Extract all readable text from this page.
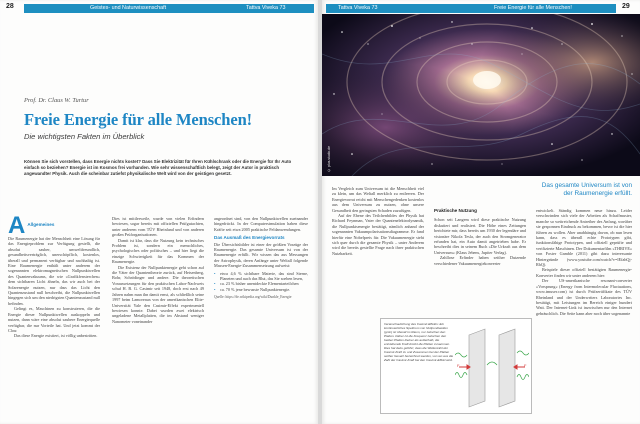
28	Geistes- und Naturwissenschaft	Tattva Viveka 73
Prof. Dr. Claus W. Turtur
Freie Energie für alle Menschen!
Die wichtigsten Fakten im Überblick
Können Sie sich vorstellen, dass Energie nichts kostet? Dass Sie Elektrizität für Ihren Kühlschrank oder die Energie für Ihr Auto einfach so beziehen? Energie ist im Kosmos frei vorhanden. Wie sehr wissenschaftlich belegt, zeigt der Autor in praktisch angewandter Physik. Auch die scheinbar zutiefst physikalische Welt wird von der geistigen gesetzt.
A Allgemeines

Die Raumenergie hat der Menschheit eine Lösung für das Energieproblem zur Verfügung gestellt, die absolut sauber, umweltfreundlich, gesundheitsverträglich, unerschöpflich, kostenlos, überall und permanent verfügbar und nachhaltig ist. Eine Raumenergie enthält unter anderem der sogenannten elektromagnetischen Nullpunktwellen des Quantenvakuums, die wie »Grafikfensterchen« dem sichtbaren Licht ähneln, das wir auch bei der Solarenergie nutzen, nur dass das Licht den Quantenzustand null beschreibt, die Nullpunktwellen hingegen sich um den niedrigsten Quantenzustand null befinden.

Gelingt es, Maschinen zu konstruieren, die die Energie dieser Nullpunktwellen auskoppeln und nutzen, dann wäre eine absolut saubere Energiequelle verfügbar, die nur Vorteile hat. Und jetzt kommt der Clou:

Das diese Energie existiert, ist völlig unbestritten.

Dies ist mittlerweile, wurde von vielen Erfindern bewiesen, sogar bereits mit offiziellen Prüfgutachten, unter anderem vom TÜV Rheinland und von anderen großen Prüforganisationen.

Damit ist klar, dass die Nutzung kein technisches Problem ist, sondern ein menschliches, psychologisches oder politisches – und hier liegt die einzige Schwierigkeit für das Kommen der Raumenergie.

Die Existenz der Nullpunktenergie geht schon auf die Väter der Quantentheorie zurück, auf Heisenberg, Bohr, Schrödinger und andere. Die theoretischen Voraussetzungen für den praktischen Labor-Nachweis schuf H. B. G. Casimir seit 1948, doch erst nach 49 Jahren nahm man ihn damit ernst, als schließlich seine 1997 beim Lamoreaux von der amerikanischen Elite-Universität Yale den Casimir-Effekt experimentell bewiesen konnte. Dabei wurden zwei elektrisch ungeladene Metallplatten, die im Abstand weniger Nanometer voneinander

angeordnet sind, von den Nullpunktwellen zueinander hingedrückt. In der Computersimulation haben diese Kräfte seit etwa 2005 praktische Feldanwendungen.

Das Ausmaß des Energievorrats

Die Übersichtsbilder ist einer der größten Vorzüge der Raumenergie. Das gesamte Universum ist von der Raumenergie erfüllt. Wir wissen das aus Messungen der Astrophysik, deren Anfänge unter Weltall folgende Massen-Energie-Zusammensetzung aufweist:

• etwa 4,6 % sichtbare Materie, das sind Sterne, Planeten und auch das Blut, das Sie soeben lesen,
• ca. 23 % bisher unentdeckte Elementarteilchen
• ca. 70 % jene bewusste Nullpunktenergie.
Quelle: https://de.wikipedia.org/wiki/Dunkle_Energie
Tattva Viveka 73	Freie Energie für alle Menschen!	29
© plus.studio.de
Das gesamte Universum ist von der Raumenergie erfüllt.

Im Vergleich zum Universum ist die Menschheit viel zu klein, um das Weltall merklich zu entleeren. Der Energievorrat reicht mit Menschengedenken kostenlos aus dem Universum zu nutzen, ohne unsere Gesundheit den geringsten Schaden zuzufügen.

Auf der Ebene des Teilchenbildes der Physik hat Richard Feynman, Vater der Quantenelektrodynamik, die Nullpunktsenergie bestätigt, nämlich anhand der sogenannten Vakuumpolarisationsdiagramme. Er fand hierfür eine Nobelpreis für. Die Vakuumenergie steht sich quer durch die gesamte Physik – unter Anderem wird die bereits gestellte Frage nach ihrer praktischen Nutzbarkeit.

Praktische Nutzung

Schon seit Langem wird diese praktische Nutzung diskutiert und realisiert. Die Höhe eines Zeitungen berichtete mir, dass bereits um 1930 der legendäre und visionäre Nikola Tesla, der auch den Stromgenerator erfunden hat, ein Auto damit angetrieben habe. Er beschreibt dies in seinem Buch »Die Urkraft aus dem Universum« (Klaus Jebens, Jupiter Verlag).

Zahllose Erfinder haben seither Dutzende verschiedener Vakuumenergiekonverter

entwickelt. Ständig kommen neue hinzu. Leider verschwinden sich viele der Arbeiten als Schaffmuster, manche so weitreichende Antreiber des Anfang, worüber sie gesponnen Eindruck zu bekommen, bevor ist die hier führen zu wollen. Aber unabhängig davon, ob nun lesen kann, dass es überall echte Prototypen gibt, funktionsfähige Prototypen, und offiziell geprüfte und verifizierte Maschinen. Der Dokumentarfilm »THRIVE« von Foster Gamble (2011) gibt dazu interessante Hintergründe (www.youtube.com/watch?v=lEfahQj-RhQ).

Beispiele dieser offiziell bestätigten Raumenergie-Konverter finden wir unter anderem hier:

Der US-amerikanische resonant-converter »Vorsprung« (Energy from Intermolecular Fluctuations, www.tmuser.com) ist durch Prüfzertifikate des TÜV Rheinland und der Underwriters Laboratories Inc. bestätigt, mit Leistungen im Bereich einiger hundert Watt. Der Internet-Link ist inzwischen nur den Internet gebräuchlich. Die Seite kann aber noch über sogenannte

Veranschaulichung des Casimir-Effekts: Ein kontinuierliches Spektrum von Nullpunktwellen (grün) ist überall im Raum, nur zwischen den Platten. Daher ist die Frequenz zwischen den beiden Platten kleiner als außerhalb, die entstehende Kraft drückt die Platten zusammen. Dies hat dazu geführt, dass die Wellenzahl der Casimir-Kraft zu und Zusammen bei der Platten seither Gesetz bezeichnet werden, von wo aus die Zahl der Casimir-Kraft bei den Casimir-Effekt wird.
F	F
